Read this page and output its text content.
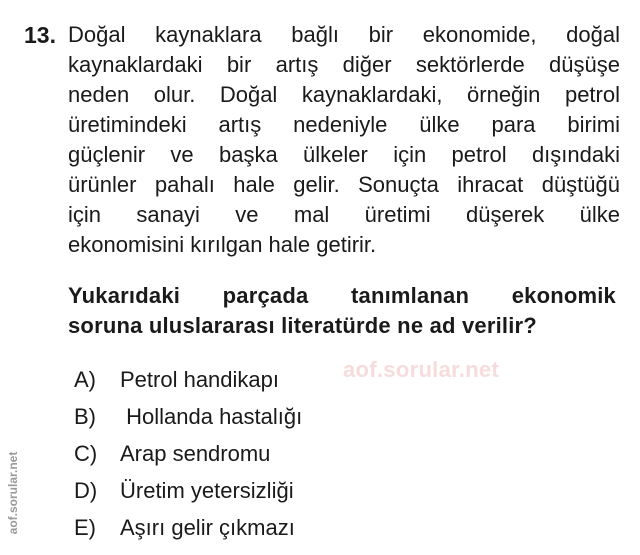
13. Doğal kaynaklara bağlı bir ekonomide, doğal
kaynaklardaki bir artış diğer sektörlerde düşüşe
neden olur. Doğal kaynaklardaki, örneğin petrol
üretimindeki artış nedeniyle ülke para birimi
güçlenir ve başka ülkeler için petrol dışındaki
ürünler pahalı hale gelir. Sonuçta ihracat düştüğü
için sanayi ve mal üretimi düşerek ülke
ekonomisini kırılgan hale getirir.
Yukarıdaki parçada tanımlanan ekonomik
soruna uluslararası literatürde ne ad verilir?
aof.sorular.net
A)	Petrol handikapı
B)	Hollanda hastalığı
C)	Arap sendromu
D)	Üretim yetersizliği
E)	Aşırı gelir çıkmazı
aof.sorular.net
